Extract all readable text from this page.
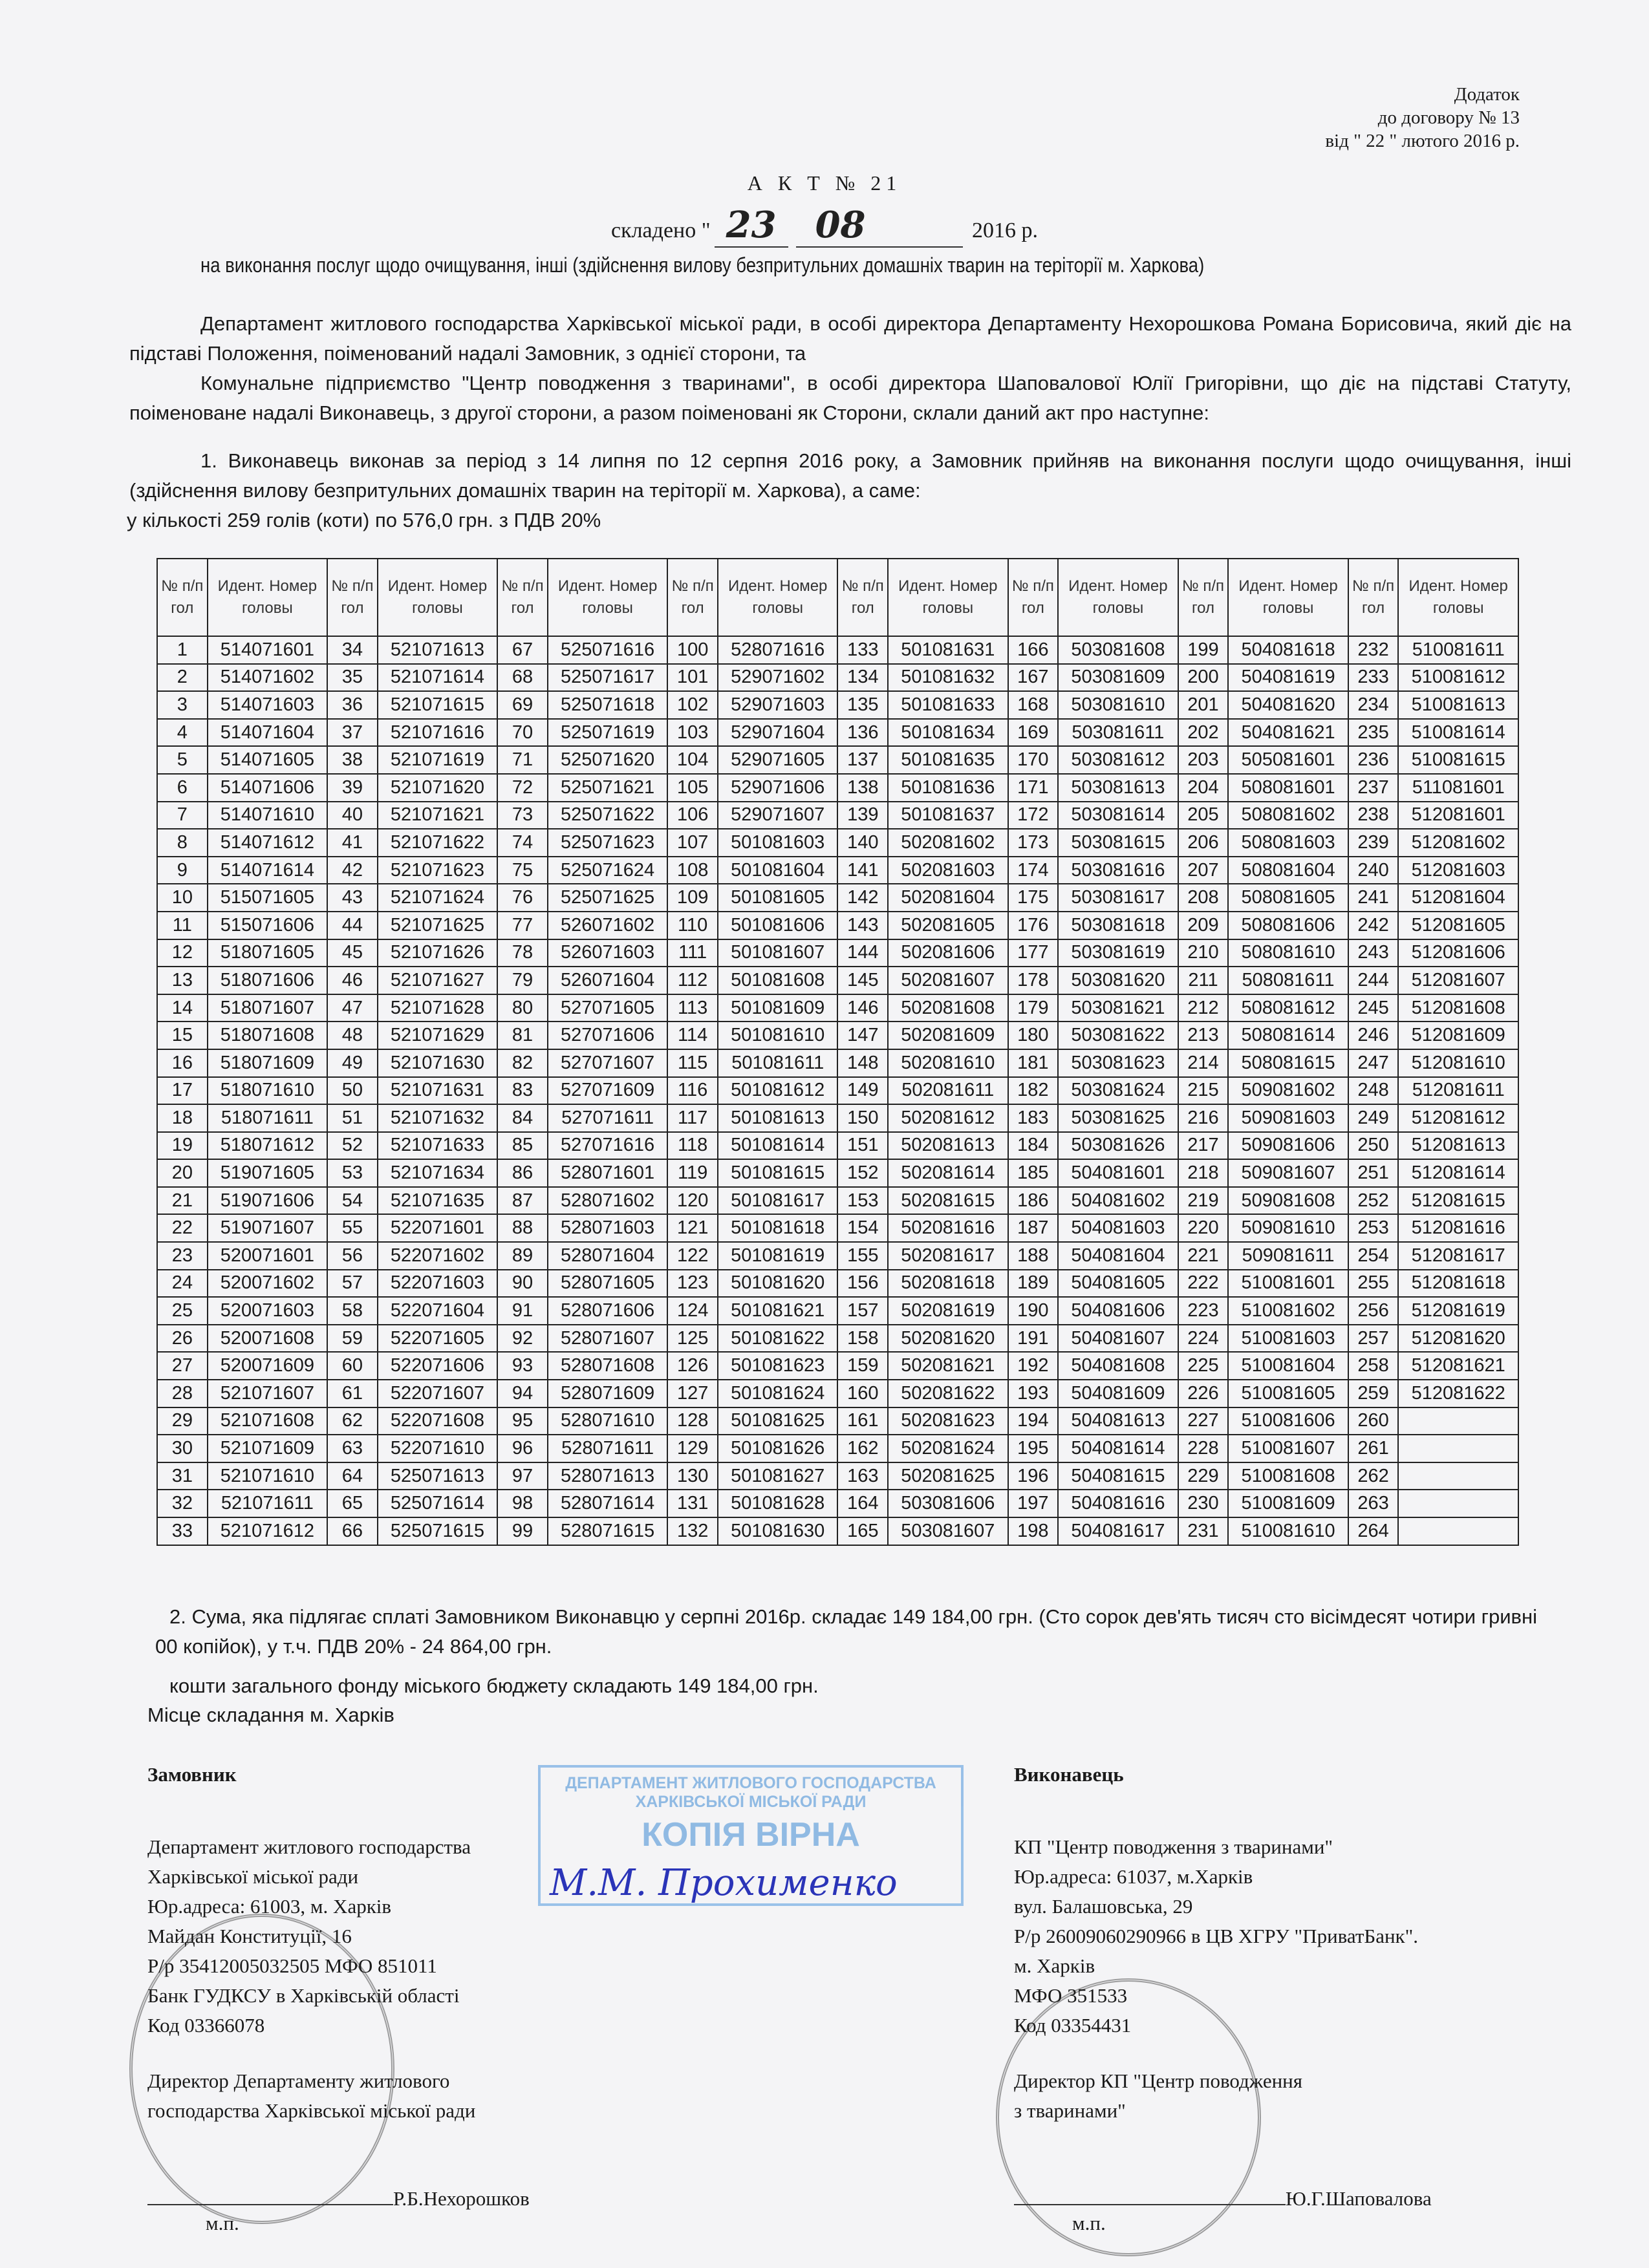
Додаток
до договору № 13
від " 22 " лютого 2016 р.
А К Т № 21
складено " 23 08	2016 р.
на виконання послуг щодо очищування, інші (здійснення вилову безпритульних домашніх тварин на теріторії м. Харкова)
Департамент житлового господарства Харківської міської ради, в особі директора Департаменту Нехорошкова Романа Борисовича, який діє на підставі Положення, поіменований надалі Замовник, з однієї сторони, та
Комунальне підприємство "Центр поводження з тваринами", в особі директора Шаповалової Юлії Григорівни, що діє на підставі Статуту, поіменоване надалі Виконавець, з другої сторони, а разом поіменовані як Сторони, склали даний акт про наступне:
1. Виконавець виконав за період з 14 липня по 12 серпня 2016 року, а Замовник прийняв на виконання послуги щодо очищування, інші (здійснення вилову безпритульних домашніх тварин на теріторії м. Харкова), а саме:
у кількості 259 голів (коти) по 576,0 грн. з ПДВ 20%
№ п/п гол	Идент. Номер головы	№ п/п гол	Идент. Номер головы	№ п/п гол	Идент. Номер головы	№ п/п гол	Идент. Номер головы	№ п/п гол	Идент. Номер головы	№ п/п гол	Идент. Номер головы	№ п/п гол	Идент. Номер головы	№ п/п гол	Идент. Номер головы
1	514071601	34	521071613	67	525071616	100	528071616	133	501081631	166	503081608	199	504081618	232	510081611
2	514071602	35	521071614	68	525071617	101	529071602	134	501081632	167	503081609	200	504081619	233	510081612
3	514071603	36	521071615	69	525071618	102	529071603	135	501081633	168	503081610	201	504081620	234	510081613
4	514071604	37	521071616	70	525071619	103	529071604	136	501081634	169	503081611	202	504081621	235	510081614
5	514071605	38	521071619	71	525071620	104	529071605	137	501081635	170	503081612	203	505081601	236	510081615
6	514071606	39	521071620	72	525071621	105	529071606	138	501081636	171	503081613	204	508081601	237	511081601
7	514071610	40	521071621	73	525071622	106	529071607	139	501081637	172	503081614	205	508081602	238	512081601
8	514071612	41	521071622	74	525071623	107	501081603	140	502081602	173	503081615	206	508081603	239	512081602
9	514071614	42	521071623	75	525071624	108	501081604	141	502081603	174	503081616	207	508081604	240	512081603
10	515071605	43	521071624	76	525071625	109	501081605	142	502081604	175	503081617	208	508081605	241	512081604
11	515071606	44	521071625	77	526071602	110	501081606	143	502081605	176	503081618	209	508081606	242	512081605
12	518071605	45	521071626	78	526071603	111	501081607	144	502081606	177	503081619	210	508081610	243	512081606
13	518071606	46	521071627	79	526071604	112	501081608	145	502081607	178	503081620	211	508081611	244	512081607
14	518071607	47	521071628	80	527071605	113	501081609	146	502081608	179	503081621	212	508081612	245	512081608
15	518071608	48	521071629	81	527071606	114	501081610	147	502081609	180	503081622	213	508081614	246	512081609
16	518071609	49	521071630	82	527071607	115	501081611	148	502081610	181	503081623	214	508081615	247	512081610
17	518071610	50	521071631	83	527071609	116	501081612	149	502081611	182	503081624	215	509081602	248	512081611
18	518071611	51	521071632	84	527071611	117	501081613	150	502081612	183	503081625	216	509081603	249	512081612
19	518071612	52	521071633	85	527071616	118	501081614	151	502081613	184	503081626	217	509081606	250	512081613
20	519071605	53	521071634	86	528071601	119	501081615	152	502081614	185	504081601	218	509081607	251	512081614
21	519071606	54	521071635	87	528071602	120	501081617	153	502081615	186	504081602	219	509081608	252	512081615
22	519071607	55	522071601	88	528071603	121	501081618	154	502081616	187	504081603	220	509081610	253	512081616
23	520071601	56	522071602	89	528071604	122	501081619	155	502081617	188	504081604	221	509081611	254	512081617
24	520071602	57	522071603	90	528071605	123	501081620	156	502081618	189	504081605	222	510081601	255	512081618
25	520071603	58	522071604	91	528071606	124	501081621	157	502081619	190	504081606	223	510081602	256	512081619
26	520071608	59	522071605	92	528071607	125	501081622	158	502081620	191	504081607	224	510081603	257	512081620
27	520071609	60	522071606	93	528071608	126	501081623	159	502081621	192	504081608	225	510081604	258	512081621
28	521071607	61	522071607	94	528071609	127	501081624	160	502081622	193	504081609	226	510081605	259	512081622
29	521071608	62	522071608	95	528071610	128	501081625	161	502081623	194	504081613	227	510081606	260	
30	521071609	63	522071610	96	528071611	129	501081626	162	502081624	195	504081614	228	510081607	261	
31	521071610	64	525071613	97	528071613	130	501081627	163	502081625	196	504081615	229	510081608	262	
32	521071611	65	525071614	98	528071614	131	501081628	164	503081606	197	504081616	230	510081609	263	
33	521071612	66	525071615	99	528071615	132	501081630	165	503081607	198	504081617	231	510081610	264	
2. Сума, яка підлягає сплаті Замовником Виконавцю у серпні 2016р. складає 149 184,00 грн. (Сто сорок дев'ять тисяч сто вісімдесят чотири гривні 00 копійок), у т.ч. ПДВ 20% - 24 864,00 грн.
кошти загального фонду міського бюджету складають 149 184,00 грн.
Місце складання м. Харків
ДЕПАРТАМЕНТ ЖИТЛОВОГО ГОСПОДАРСТВА
ХАРКІВСЬКОЇ МІСЬКОЇ РАДИ
КОПІЯ ВІРНА
М.М. Прохименко
Замовник
Департамент житлового господарства
Харківської міської ради
Юр.адреса: 61003, м. Харків
Майдан Конституції, 16
Р/р 35412005032505 МФО 851011
Банк ГУДКСУ в Харківській області
Код 03366078
Директор Департаменту житлового
господарства Харківської міської ради
Р.Б.Нехорошков
м.п.
Виконавець
КП "Центр поводження з тваринами"
Юр.адреса: 61037, м.Харків
вул. Балашовська, 29
Р/р 26009060290966 в ЦВ ХГРУ "ПриватБанк".
м. Харків
МФО 351533
Код 03354431
Директор КП "Центр поводження
з тваринами"
Ю.Г.Шаповалова
м.п.
